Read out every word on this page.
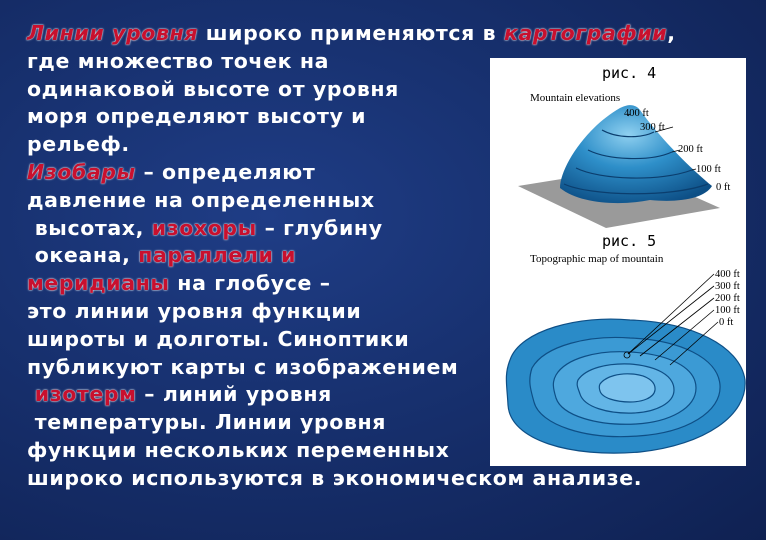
Линии уровня широко применяются в картографии,
где множество точек на
одинаковой высоте от уровня
моря определяют высоту и
рельеф.
Изобары – определяют
давление на определенных
высотах, изохоры – глубину
океана, параллели и
меридианы на глобусе –
это линии уровня функции
ширoты и долготы. Синоптики
публикуют карты с изображением
изотерм – линий уровня
температуры. Линии уровня
функции нескольких переменных
широко используются в экономическом анализе.

400 ft
300 ft
200 ft
100 ft
0 ft
рис. 4
Mountain elevations
400 ft
300 ft
200 ft
100 ft
0 ft
рис. 5
Topographic map of mountain
